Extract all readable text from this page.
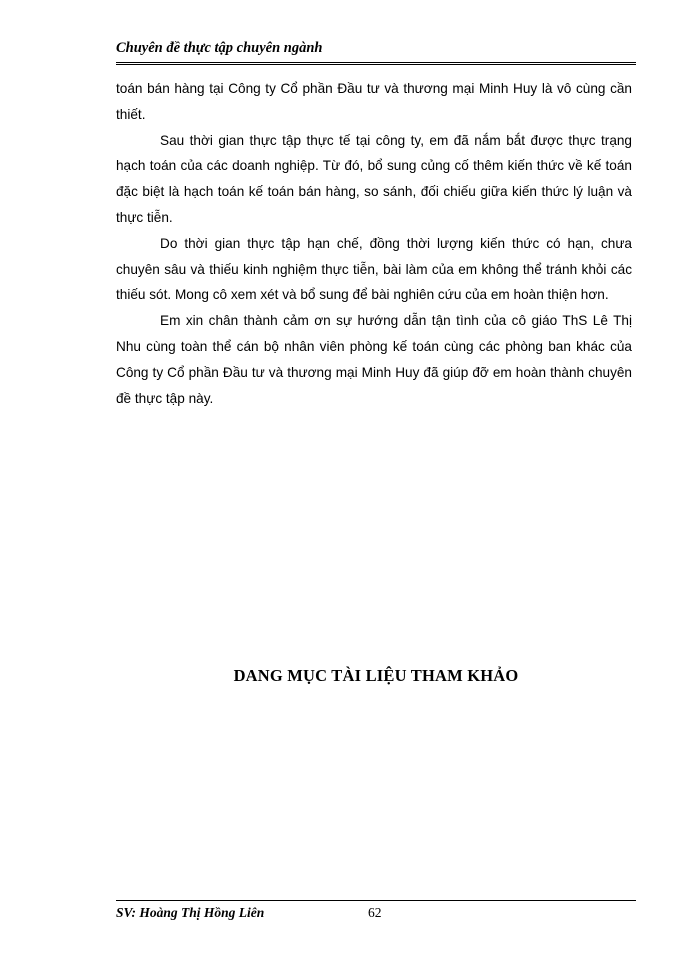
Chuyên đề thực tập chuyên ngành

toán bán hàng tại Công ty Cổ phần Đầu tư và thương mại Minh Huy là vô cùng cần thiết.

Sau thời gian thực tập thực tế tại công ty, em đã nắm bắt được thực trạng hạch toán của các doanh nghiệp. Từ đó, bổ sung củng cố thêm kiến thức về kế toán đặc biệt là hạch toán kế toán bán hàng, so sánh, đối chiếu giữa kiến thức lý luận và thực tiễn.

Do thời gian thực tập hạn chế, đồng thời lượng kiến thức có hạn, chưa chuyên sâu và thiếu kinh nghiệm thực tiễn, bài làm của em không thể tránh khỏi các thiếu sót. Mong cô xem xét và bổ sung để bài nghiên cứu của em hoàn thiện hơn.

Em xin chân thành cảm ơn sự hướng dẫn tận tình của cô giáo ThS Lê Thị Nhu cùng toàn thể cán bộ nhân viên phòng kế toán cùng các phòng ban khác của Công ty Cổ phần Đầu tư và thương mại Minh Huy đã giúp đỡ em hoàn thành chuyên đề thực tập này.

DANG MỤC TÀI LIỆU THAM KHẢO
SV: Hoàng Thị Hồng Liên	62
